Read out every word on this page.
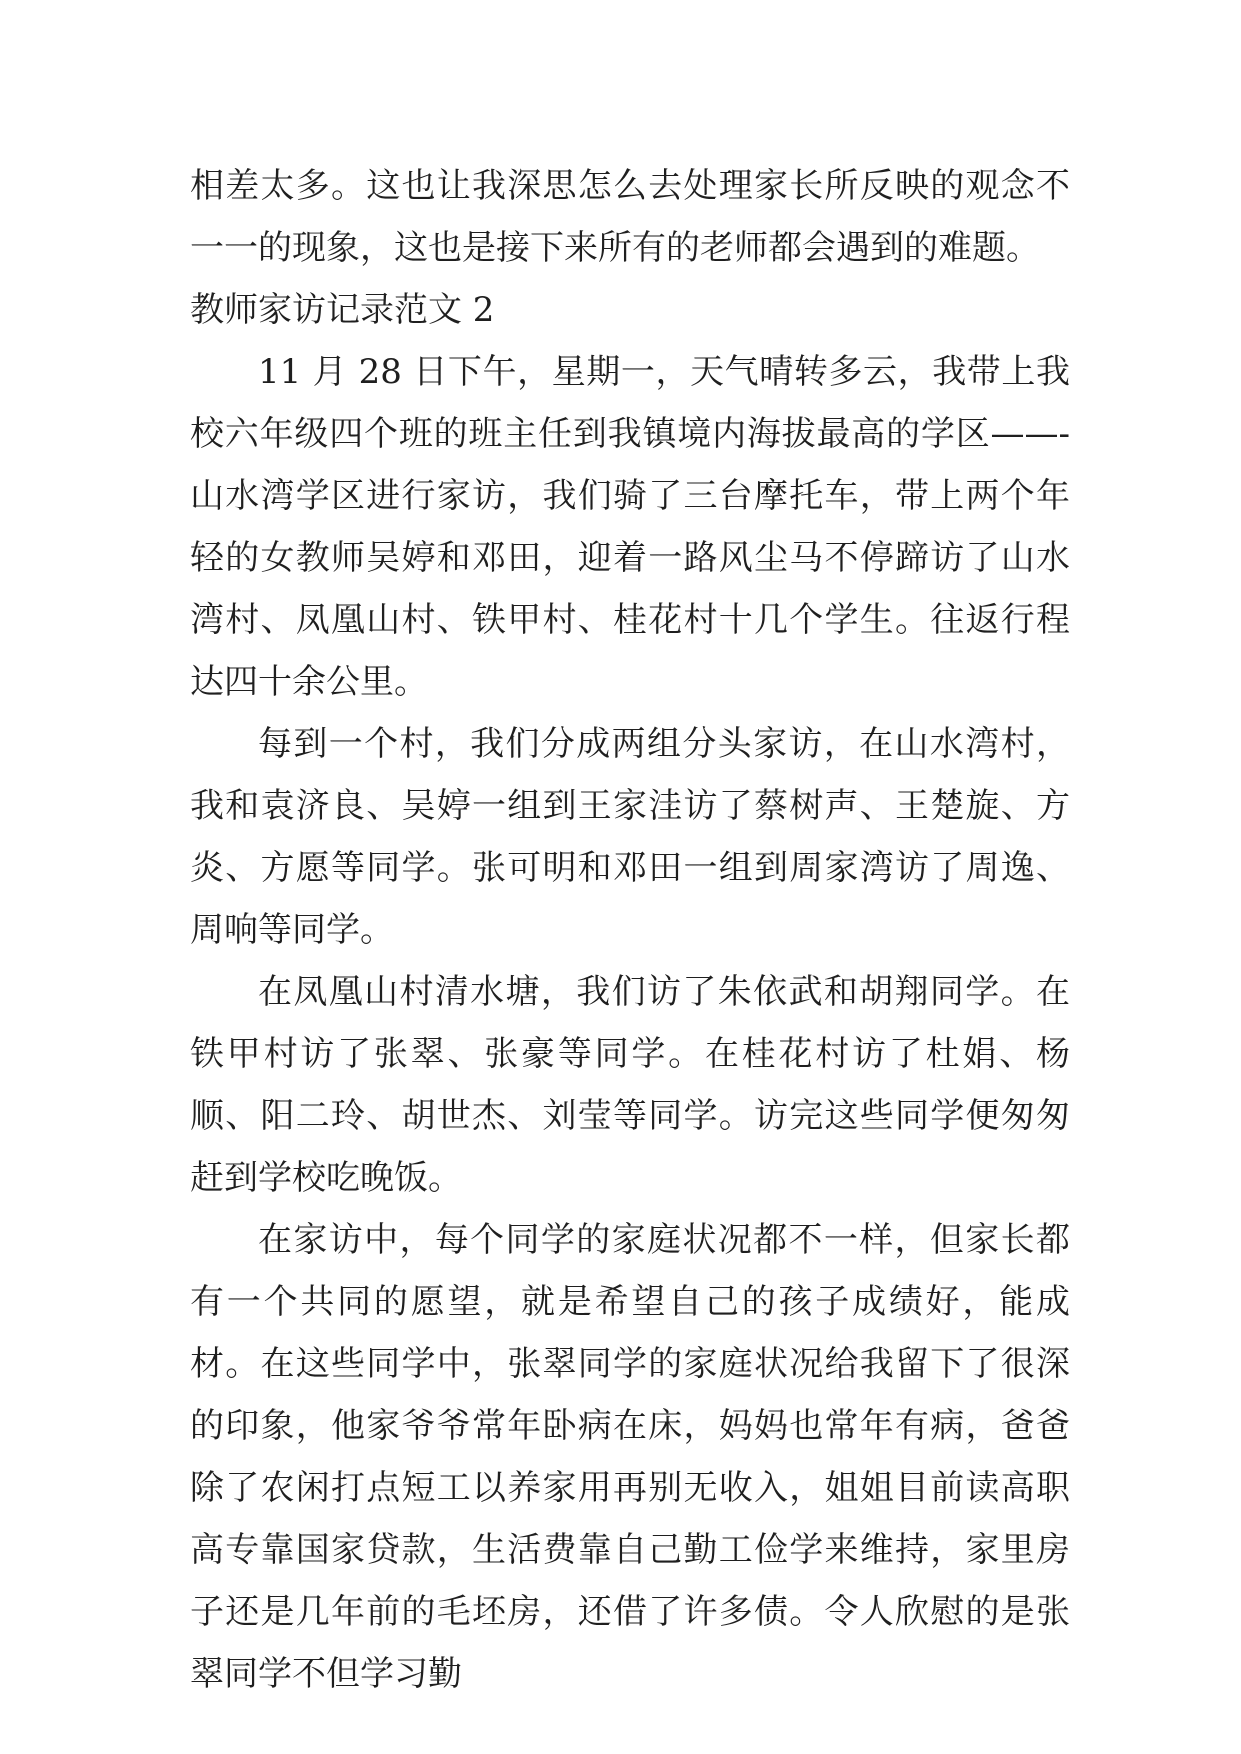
相差太多。这也让我深思怎么去处理家长所反映的观念不一一的现象，这也是接下来所有的老师都会遇到的难题。

教师家访记录范文 2

11 月 28 日下午，星期一，天气晴转多云，我带上我校六年级四个班的班主任到我镇境内海拔最高的学区——-山水湾学区进行家访，我们骑了三台摩托车，带上两个年轻的女教师吴婷和邓田，迎着一路风尘马不停蹄访了山水湾村、凤凰山村、铁甲村、桂花村十几个学生。往返行程达四十余公里。

每到一个村，我们分成两组分头家访，在山水湾村，我和袁济良、吴婷一组到王家洼访了蔡树声、王楚旋、方炎、方愿等同学。张可明和邓田一组到周家湾访了周逸、周响等同学。

在凤凰山村清水塘，我们访了朱依武和胡翔同学。在铁甲村访了张翠、张豪等同学。在桂花村访了杜娟、杨顺、阳二玲、胡世杰、刘莹等同学。访完这些同学便匆匆赶到学校吃晚饭。

在家访中，每个同学的家庭状况都不一样，但家长都有一个共同的愿望，就是希望自己的孩子成绩好，能成材。在这些同学中，张翠同学的家庭状况给我留下了很深的印象，他家爷爷常年卧病在床，妈妈也常年有病，爸爸除了农闲打点短工以养家用再别无收入，姐姐目前读高职高专靠国家贷款，生活费靠自己勤工俭学来维持，家里房子还是几年前的毛坯房，还借了许多债。令人欣慰的是张翠同学不但学习勤
